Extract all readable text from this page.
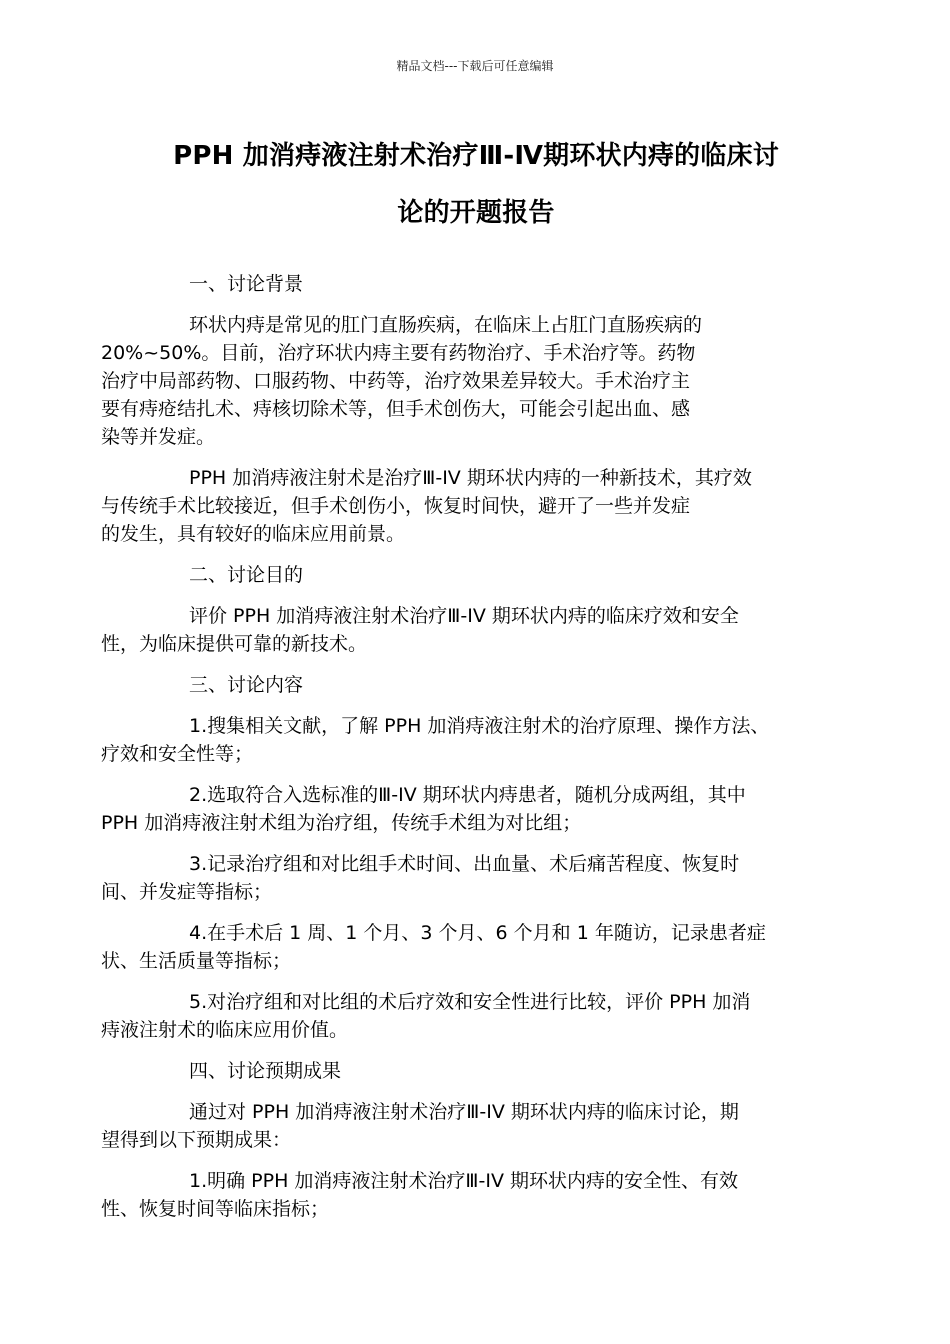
精品文档---下载后可任意编辑
PPH 加消痔液注射术治疗Ⅲ-Ⅳ期环状内痔的临床讨
论的开题报告
一、讨论背景
环状内痔是常见的肛门直肠疾病，在临床上占肛门直肠疾病的
20%~50%。目前，治疗环状内痔主要有药物治疗、手术治疗等。药物
治疗中局部药物、口服药物、中药等，治疗效果差异较大。手术治疗主
要有痔疮结扎术、痔核切除术等，但手术创伤大，可能会引起出血、感
染等并发症。
PPH 加消痔液注射术是治疗Ⅲ-IV 期环状内痔的一种新技术，其疗效
与传统手术比较接近，但手术创伤小，恢复时间快，避开了一些并发症
的发生，具有较好的临床应用前景。
二、讨论目的
评价 PPH 加消痔液注射术治疗Ⅲ-IV 期环状内痔的临床疗效和安全
性，为临床提供可靠的新技术。
三、讨论内容
1.搜集相关文献，了解 PPH 加消痔液注射术的治疗原理、操作方法、
疗效和安全性等；
2.选取符合入选标准的Ⅲ-IV 期环状内痔患者，随机分成两组，其中
PPH 加消痔液注射术组为治疗组，传统手术组为对比组；
3.记录治疗组和对比组手术时间、出血量、术后痛苦程度、恢复时
间、并发症等指标；
4.在手术后 1 周、1 个月、3 个月、6 个月和 1 年随访，记录患者症
状、生活质量等指标；
5.对治疗组和对比组的术后疗效和安全性进行比较，评价 PPH 加消
痔液注射术的临床应用价值。
四、讨论预期成果
通过对 PPH 加消痔液注射术治疗Ⅲ-IV 期环状内痔的临床讨论，期
望得到以下预期成果：
1.明确 PPH 加消痔液注射术治疗Ⅲ-IV 期环状内痔的安全性、有效
性、恢复时间等临床指标；
